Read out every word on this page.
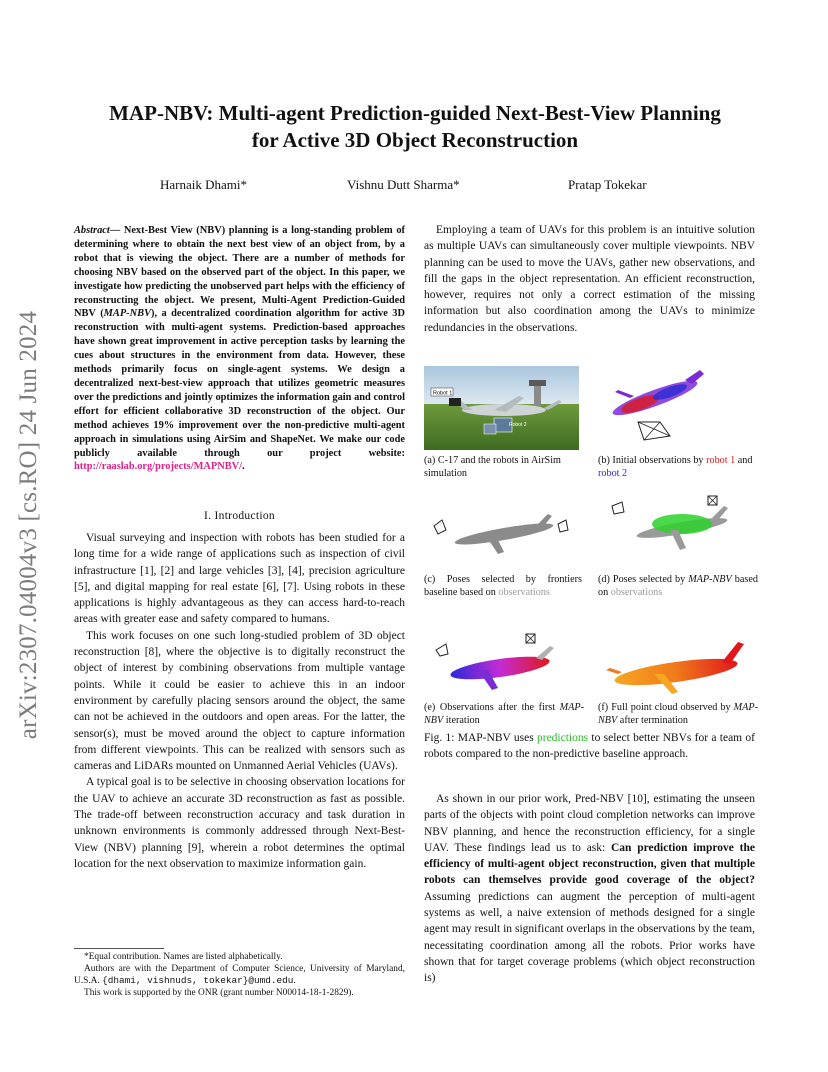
arXiv:2307.04004v3 [cs.RO] 24 Jun 2024
MAP-NBV: Multi-agent Prediction-guided Next-Best-View Planning
for Active 3D Object Reconstruction
Harnaik Dhami*	Vishnu Dutt Sharma*	Pratap Tokekar
Abstract— Next-Best View (NBV) planning is a long-standing problem of determining where to obtain the next best view of an object from, by a robot that is viewing the object. There are a number of methods for choosing NBV based on the observed part of the object. In this paper, we investigate how predicting the unobserved part helps with the efficiency of reconstructing the object. We present, Multi-Agent Prediction-Guided NBV (MAP-NBV), a decentralized coordination algorithm for active 3D reconstruction with multi-agent systems. Prediction-based approaches have shown great improvement in active perception tasks by learning the cues about structures in the environment from data. However, these methods primarily focus on single-agent systems. We design a decentralized next-best-view approach that utilizes geometric measures over the predictions and jointly optimizes the information gain and control effort for efficient collaborative 3D reconstruction of the object. Our method achieves 19% improvement over the non-predictive multi-agent approach in simulations using AirSim and ShapeNet. We make our code publicly available through our project website: http://raaslab.org/projects/MAPNBV/.
I. Introduction

Visual surveying and inspection with robots has been studied for a long time for a wide range of applications such as inspection of civil infrastructure [1], [2] and large vehicles [3], [4], precision agriculture [5], and digital mapping for real estate [6], [7]. Using robots in these applications is highly advantageous as they can access hard-to-reach areas with greater ease and safety compared to humans.

This work focuses on one such long-studied problem of 3D object reconstruction [8], where the objective is to digitally reconstruct the object of interest by combining observations from multiple vantage points. While it could be easier to achieve this in an indoor environment by carefully placing sensors around the object, the same can not be achieved in the outdoors and open areas. For the latter, the sensor(s), must be moved around the object to capture information from different viewpoints. This can be realized with sensors such as cameras and LiDARs mounted on Unmanned Aerial Vehicles (UAVs).

A typical goal is to be selective in choosing observation locations for the UAV to achieve an accurate 3D reconstruction as fast as possible. The trade-off between reconstruction accuracy and task duration in unknown environments is commonly addressed through Next-Best-View (NBV) planning [9], wherein a robot determines the optimal location for the next observation to maximize information gain.

*Equal contribution. Names are listed alphabetically.
Authors are with the Department of Computer Science, University of Maryland, U.S.A. {dhami, vishnuds, tokekar}@umd.edu.
This work is supported by the ONR (grant number N00014-18-1-2829).

Employing a team of UAVs for this problem is an intuitive solution as multiple UAVs can simultaneously cover multiple viewpoints. NBV planning can be used to move the UAVs, gather new observations, and fill the gaps in the object representation. An efficient reconstruction, however, requires not only a correct estimation of the missing information but also coordination among the UAVs to minimize redundancies in the observations.

Robot 1
Robot 2
(a) C-17 and the robots in AirSim simulation
(b) Initial observations by robot 1 and robot 2
(c) Poses selected by frontiers baseline based on observations
(d) Poses selected by MAP-NBV based on observations
(e) Observations after the first MAP-NBV iteration
(f) Full point cloud observed by MAP-NBV after termination
Fig. 1: MAP-NBV uses predictions to select better NBVs for a team of robots compared to the non-predictive baseline approach.

As shown in our prior work, Pred-NBV [10], estimating the unseen parts of the objects with point cloud completion networks can improve NBV planning, and hence the reconstruction efficiency, for a single UAV. These findings lead us to ask: Can prediction improve the efficiency of multi-agent object reconstruction, given that multiple robots can themselves provide good coverage of the object? Assuming predictions can augment the perception of multi-agent systems as well, a naive extension of methods designed for a single agent may result in significant overlaps in the observations by the team, necessitating coordination among all the robots. Prior works have shown that for target coverage problems (which object reconstruction is)
